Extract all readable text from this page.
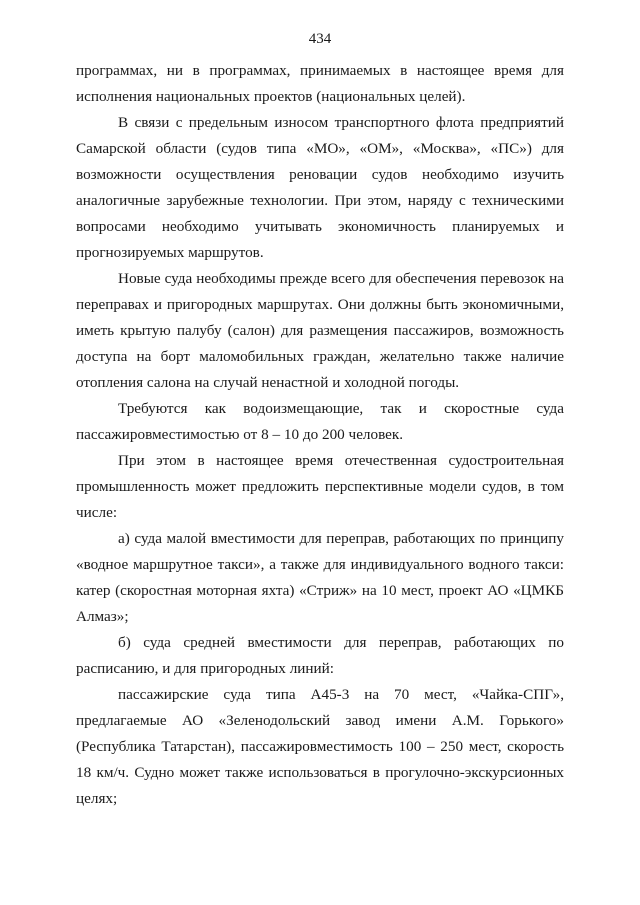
434

программах, ни в программах, принимаемых в настоящее время для исполнения национальных проектов (национальных целей).

В связи с предельным износом транспортного флота предприятий Самарской области (судов типа «МО», «ОМ», «Москва», «ПС») для возможности осуществления реновации судов необходимо изучить аналогичные зарубежные технологии. При этом, наряду с техническими вопросами необходимо учитывать экономичность планируемых и прогнозируемых маршрутов.

Новые суда необходимы прежде всего для обеспечения перевозок на переправах и пригородных маршрутах. Они должны быть экономичными, иметь крытую палубу (салон) для размещения пассажиров, возможность доступа на борт маломобильных граждан, желательно также наличие отопления салона на случай ненастной и холодной погоды.

Требуются как водоизмещающие, так и скоростные суда пассажировместимостью от 8 – 10 до 200 человек.

При этом в настоящее время отечественная судостроительная промышленность может предложить перспективные модели судов, в том числе:

а) суда малой вместимости для переправ, работающих по принципу «водное маршрутное такси», а также для индивидуального водного такси: катер (скоростная моторная яхта) «Стриж» на 10 мест, проект АО «ЦМКБ Алмаз»;

б) суда средней вместимости для переправ, работающих по расписанию, и для пригородных линий:

пассажирские суда типа А45-3 на 70 мест, «Чайка-СПГ», предлагаемые АО «Зеленодольский завод имени А.М. Горького» (Республика Татарстан), пассажировместимость 100 – 250 мест, скорость 18 км/ч. Судно может также использоваться в прогулочно-экскурсионных целях;
